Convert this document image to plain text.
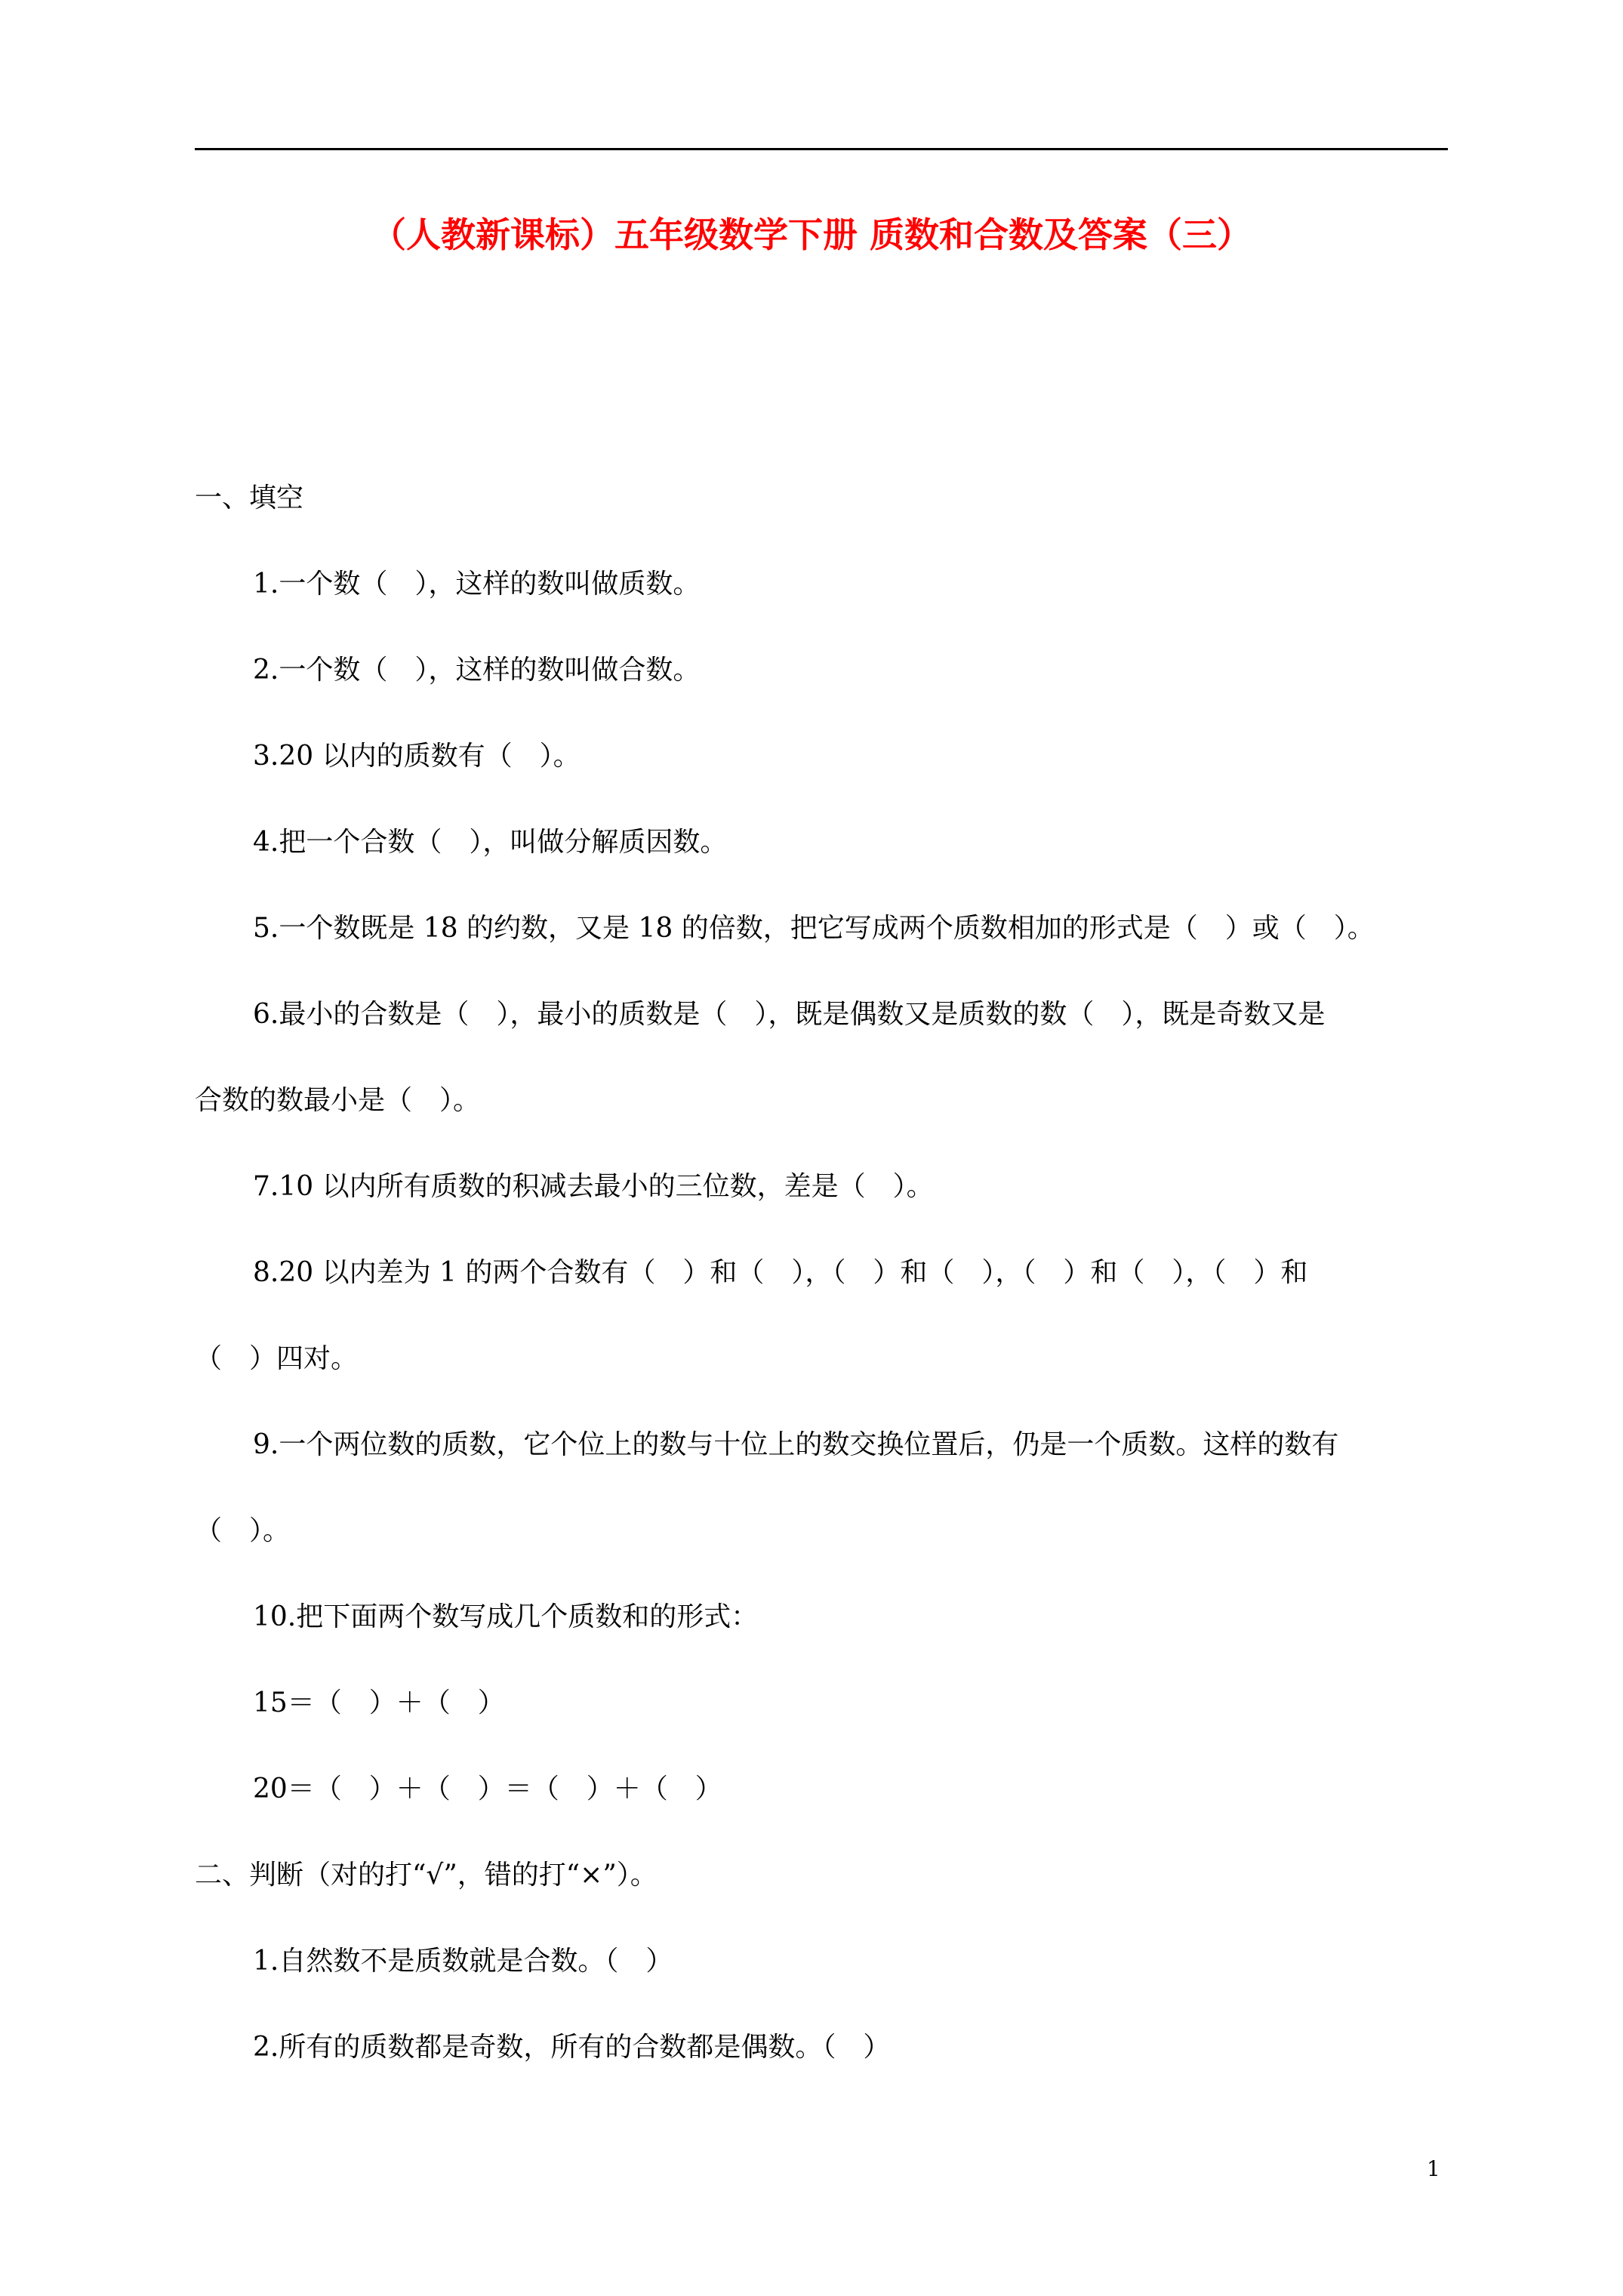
（人教新课标）五年级数学下册 质数和合数及答案（三）
一、填空
1.一个数（　），这样的数叫做质数。
2.一个数（　），这样的数叫做合数。
3.20 以内的质数有（　）。
4.把一个合数（　），叫做分解质因数。
5.一个数既是 18 的约数，又是 18 的倍数，把它写成两个质数相加的形式是（　）或（　）。
6.最小的合数是（　），最小的质数是（　），既是偶数又是质数的数（　），既是奇数又是
合数的数最小是（　）。
7.10 以内所有质数的积减去最小的三位数，差是（　）。
8.20 以内差为 1 的两个合数有（　）和（　），（　）和（　），（　）和（　），（　）和
（　）四对。
9.一个两位数的质数，它个位上的数与十位上的数交换位置后，仍是一个质数。这样的数有
（　）。
10.把下面两个数写成几个质数和的形式：
15＝（　）＋（　）
20＝（　）＋（　）＝（　）＋（　）
二、判断（对的打“√”，错的打“×”）。
1.自然数不是质数就是合数。（　）
2.所有的质数都是奇数，所有的合数都是偶数。（　）
1
